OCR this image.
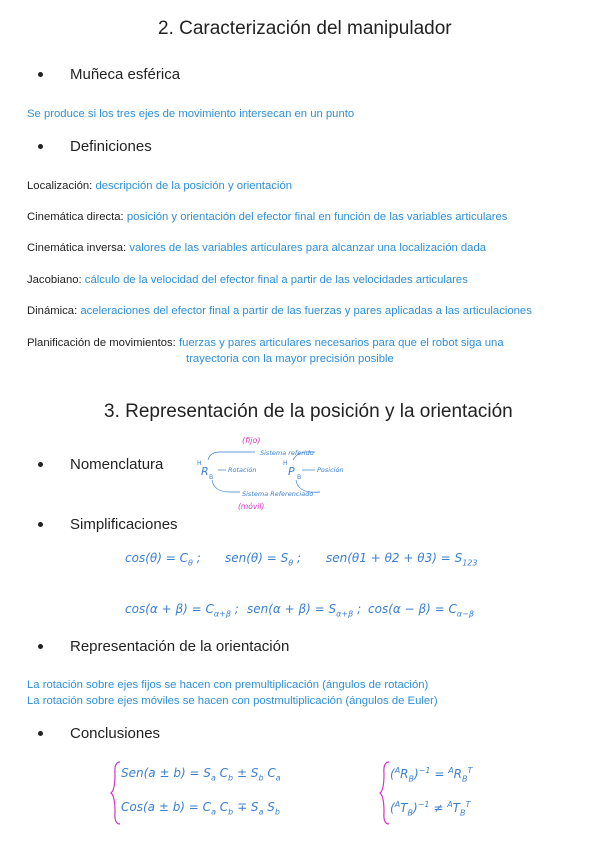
2. Caracterización del manipulador
Muñeca esférica
Se produce si los tres ejes de movimiento intersecan en un punto
Definiciones
Localización: descripción de la posición y orientación
Cinemática directa: posición y orientación del efector final en función de las variables articulares
Cinemática inversa: valores de las variables articulares para alcanzar una localización dada
Jacobiano: cálculo de la velocidad del efector final a partir de las velocidades articulares
Dinámica: aceleraciones del efector final a partir de las fuerzas y pares aplicadas a las articulaciones
Planificación de movimientos: fuerzas y pares articulares necesarios para que el robot siga una
trayectoria con la mayor precisión posible
3. Representación de la posición y la orientación
Nomenclatura
(fijo)
Sistema referido
Rotación	Posición
Sistema Referenciado
(móvil)
H
R B
H
P B
Simplificaciones
$\cos(\theta) = C_\theta$ ; $sen(\theta) = S_\theta$ ; $sen(\theta 1 + \theta 2 + \theta 3) = S_{123}$
$\cos(\alpha + \beta) = C_{\alpha+\beta}$ ; $sen(\alpha + \beta) = S_{\alpha+\beta}$ ; $\cos(\alpha - \beta) = C_{\alpha-\beta}$
Representación de la orientación
La rotación sobre ejes fijos se hacen con premultiplicación (ángulos de rotación)
La rotación sobre ejes móviles se hacen con postmultiplicación (ángulos de Euler)
Conclusiones
$Sen(a \pm b) = S_a$ $C_b \pm S_b$ $C_a$
$Cos(a \pm b) = C_a$ $C_b \mp S_a$ $S_b$
$(^AR_B)^{-1} = ^AR_B^T$
$(^AT_B)^{-1} \ne ^AT_B^T$
